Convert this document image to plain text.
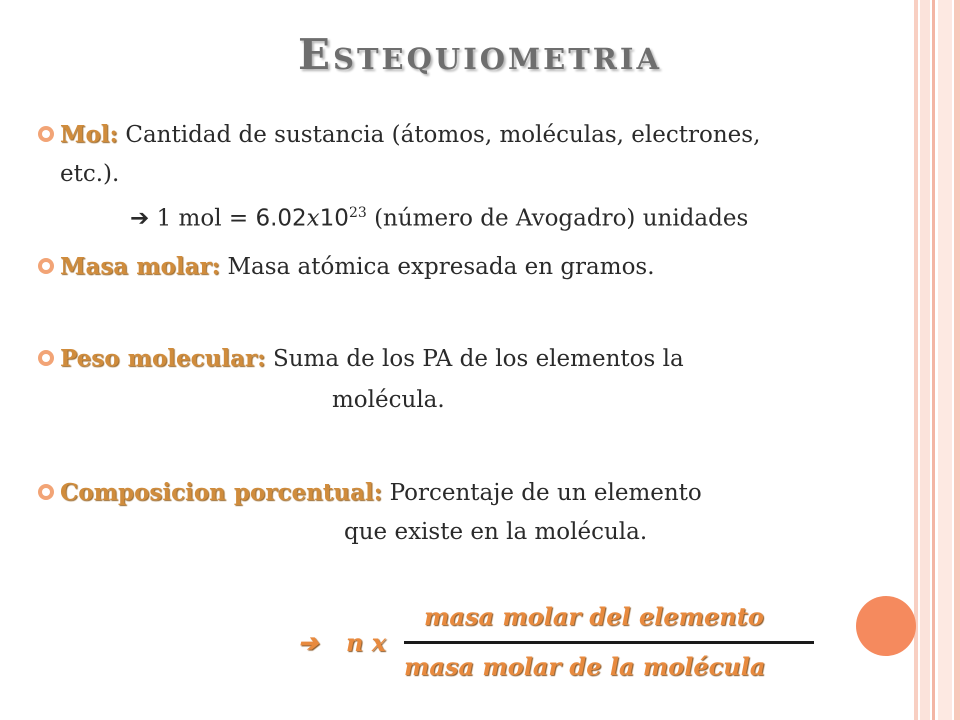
Estequiometria
Mol: Cantidad de sustancia (átomos, moléculas, electrones,
etc.).
➔ 1 mol = $6.02x10^{23}$ (número de Avogadro) unidades
Masa molar: Masa atómica expresada en gramos.
Peso molecular: Suma de los PA de los elementos la
molécula.
Composicion porcentual: Porcentaje de un elemento
que existe en la molécula.
➔ n x
masa molar del elemento
masa molar de la molécula
